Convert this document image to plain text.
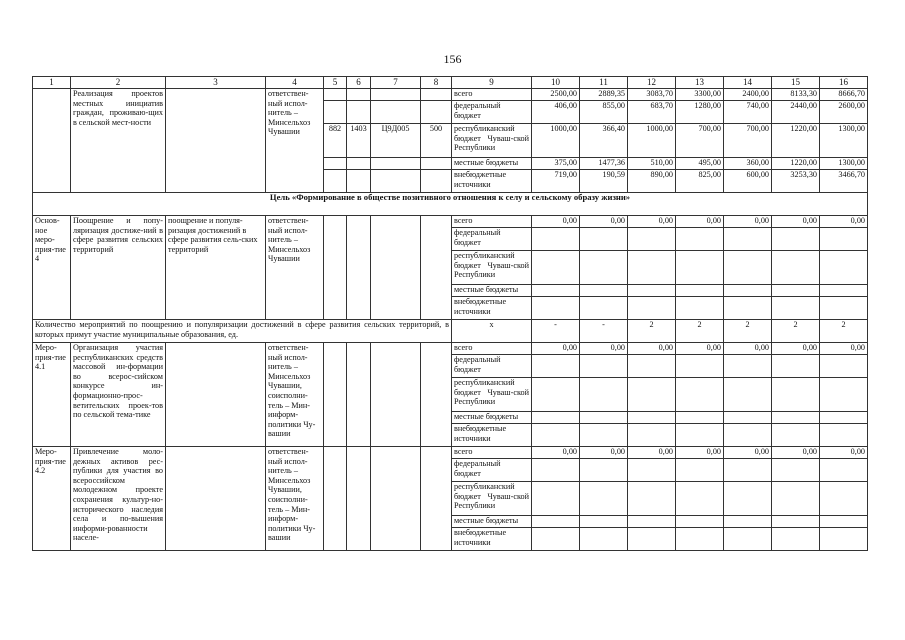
156
1	2	3	4	5	6	7	8	9	10	11	12	13	14	15	16
	Реализация проектов местных инициатив граждан, проживаю-щих в сельской мест-ности		ответствен-ный испол-нитель – Минсельхоз Чувашии					всего	2500,00	2889,35	3083,70	3300,00	2400,00	8133,30	8666,70
								федеральный бюджет	406,00	855,00	683,70	1280,00	740,00	2440,00	2600,00
				882	1403	Ц9Д005	500	республиканский бюджет Чуваш-ской Республики	1000,00	366,40	1000,00	700,00	700,00	1220,00	1300,00
								местные бюджеты	375,00	1477,36	510,00	495,00	360,00	1220,00	1300,00
								внебюджетные источники	719,00	190,59	890,00	825,00	600,00	3253,30	3466,70
Цель «Формирование в обществе позитивного отношения к селу и сельскому образу жизни»															
Основ-ное меро-прия-тие 4	Поощрение и попу-ляризация достиже-ний в сфере развития сельских территорий	поощрение и популя-ризация достижений в сфере развития сель-ских территорий	ответствен-ный испол-нитель – Минсельхоз Чувашии					всего	0,00	0,00	0,00	0,00	0,00	0,00	0,00
								федеральный бюджет							
								республиканский бюджет Чуваш-ской Республики							
								местные бюджеты							
								внебюджетные источники							
Количество мероприятий по поощрению и популяризации достижений в сфере развития сельских территорий, в которых примут участие муниципальные образования, ед.								х	-	-	2	2	2	2	2
Меро-прия-тие 4.1	Организация участия республиканских средств массовой ин-формации во всерос-сийском конкурсе ин-формационно-прос-ветительских проек-тов по сельской тема-тике		ответствен-ный испол-нитель – Минсельхоз Чувашии, соисполни-тель – Мин-информ-политики Чу-вашии					всего	0,00	0,00	0,00	0,00	0,00	0,00	0,00
								федеральный бюджет							
								республиканский бюджет Чуваш-ской Республики							
								местные бюджеты							
								внебюджетные источники							
Меро-прия-тие 4.2	Привлечение моло-дежных активов рес-публики для участия во всероссийском молодежном проекте сохранения культур-но-исторического наследия села и по-вышения информи-рованности населе-		ответствен-ный испол-нитель – Минсельхоз Чувашии, соисполни-тель – Мин-информ-политики Чу-вашии					всего	0,00	0,00	0,00	0,00	0,00	0,00	0,00
								федеральный бюджет							
								республиканский бюджет Чуваш-ской Республики							
								местные бюджеты							
								внебюджетные источники							
